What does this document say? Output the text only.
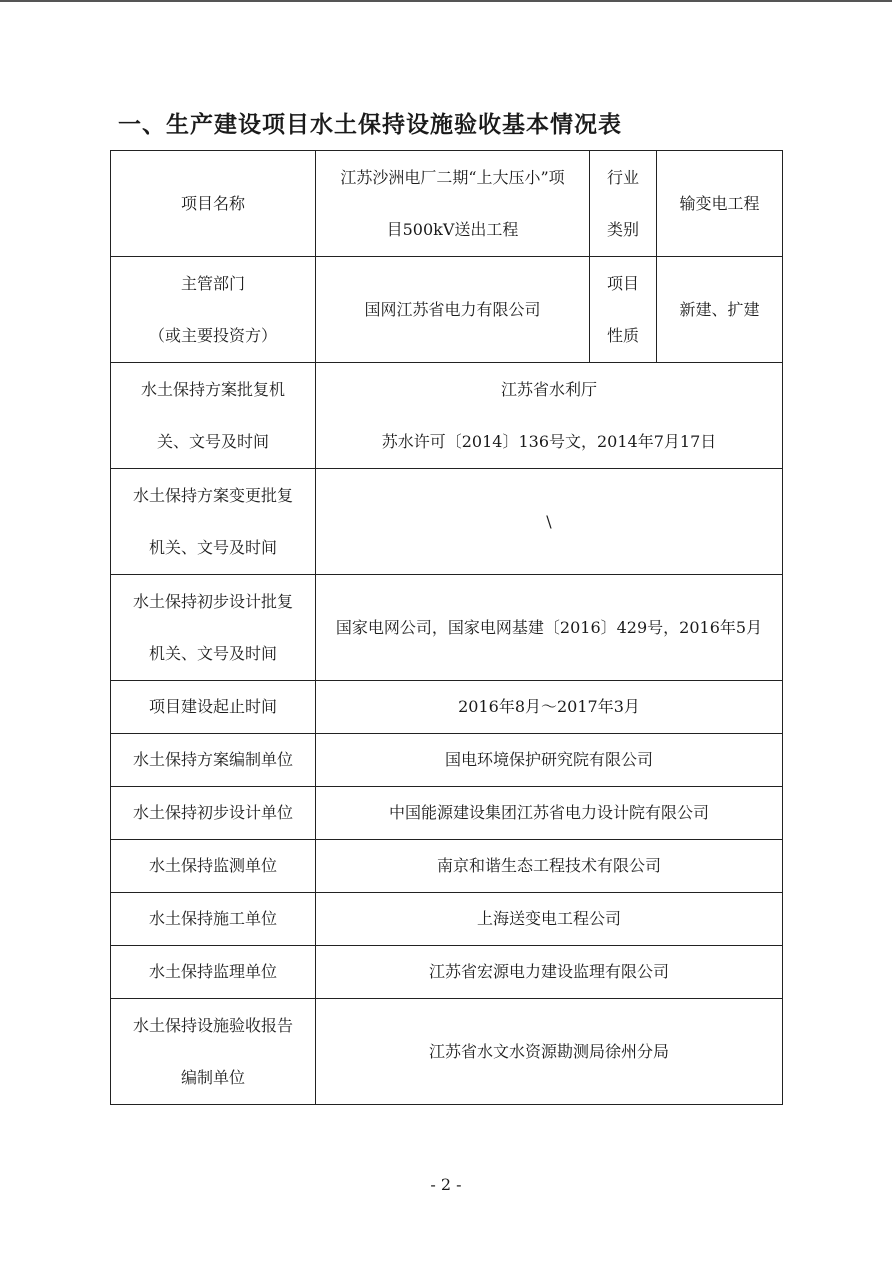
一、生产建设项目水土保持设施验收基本情况表
项目名称	江苏沙洲电厂二期“上大压小”项
目500kV送出工程	行业
类别	输变电工程

主管部门
（或主要投资方）	国网江苏省电力有限公司	项目
性质	新建、扩建

水土保持方案批复机
关、文号及时间	江苏省水利厅
苏水许可〔2014〕136号文，2014年7月17日		

水土保持方案变更批复
机关、文号及时间	\		

水土保持初步设计批复
机关、文号及时间	国家电网公司，国家电网基建〔2016〕429号，2016年5月		
项目建设起止时间	2016年8月～2017年3月		
水土保持方案编制单位	国电环境保护研究院有限公司		
水土保持初步设计单位	中国能源建设集团江苏省电力设计院有限公司		
水土保持监测单位	南京和谐生态工程技术有限公司		
水土保持施工单位	上海送变电工程公司		
水土保持监理单位	江苏省宏源电力建设监理有限公司		

水土保持设施验收报告
编制单位	江苏省水文水资源勘测局徐州分局		
- 2 -
